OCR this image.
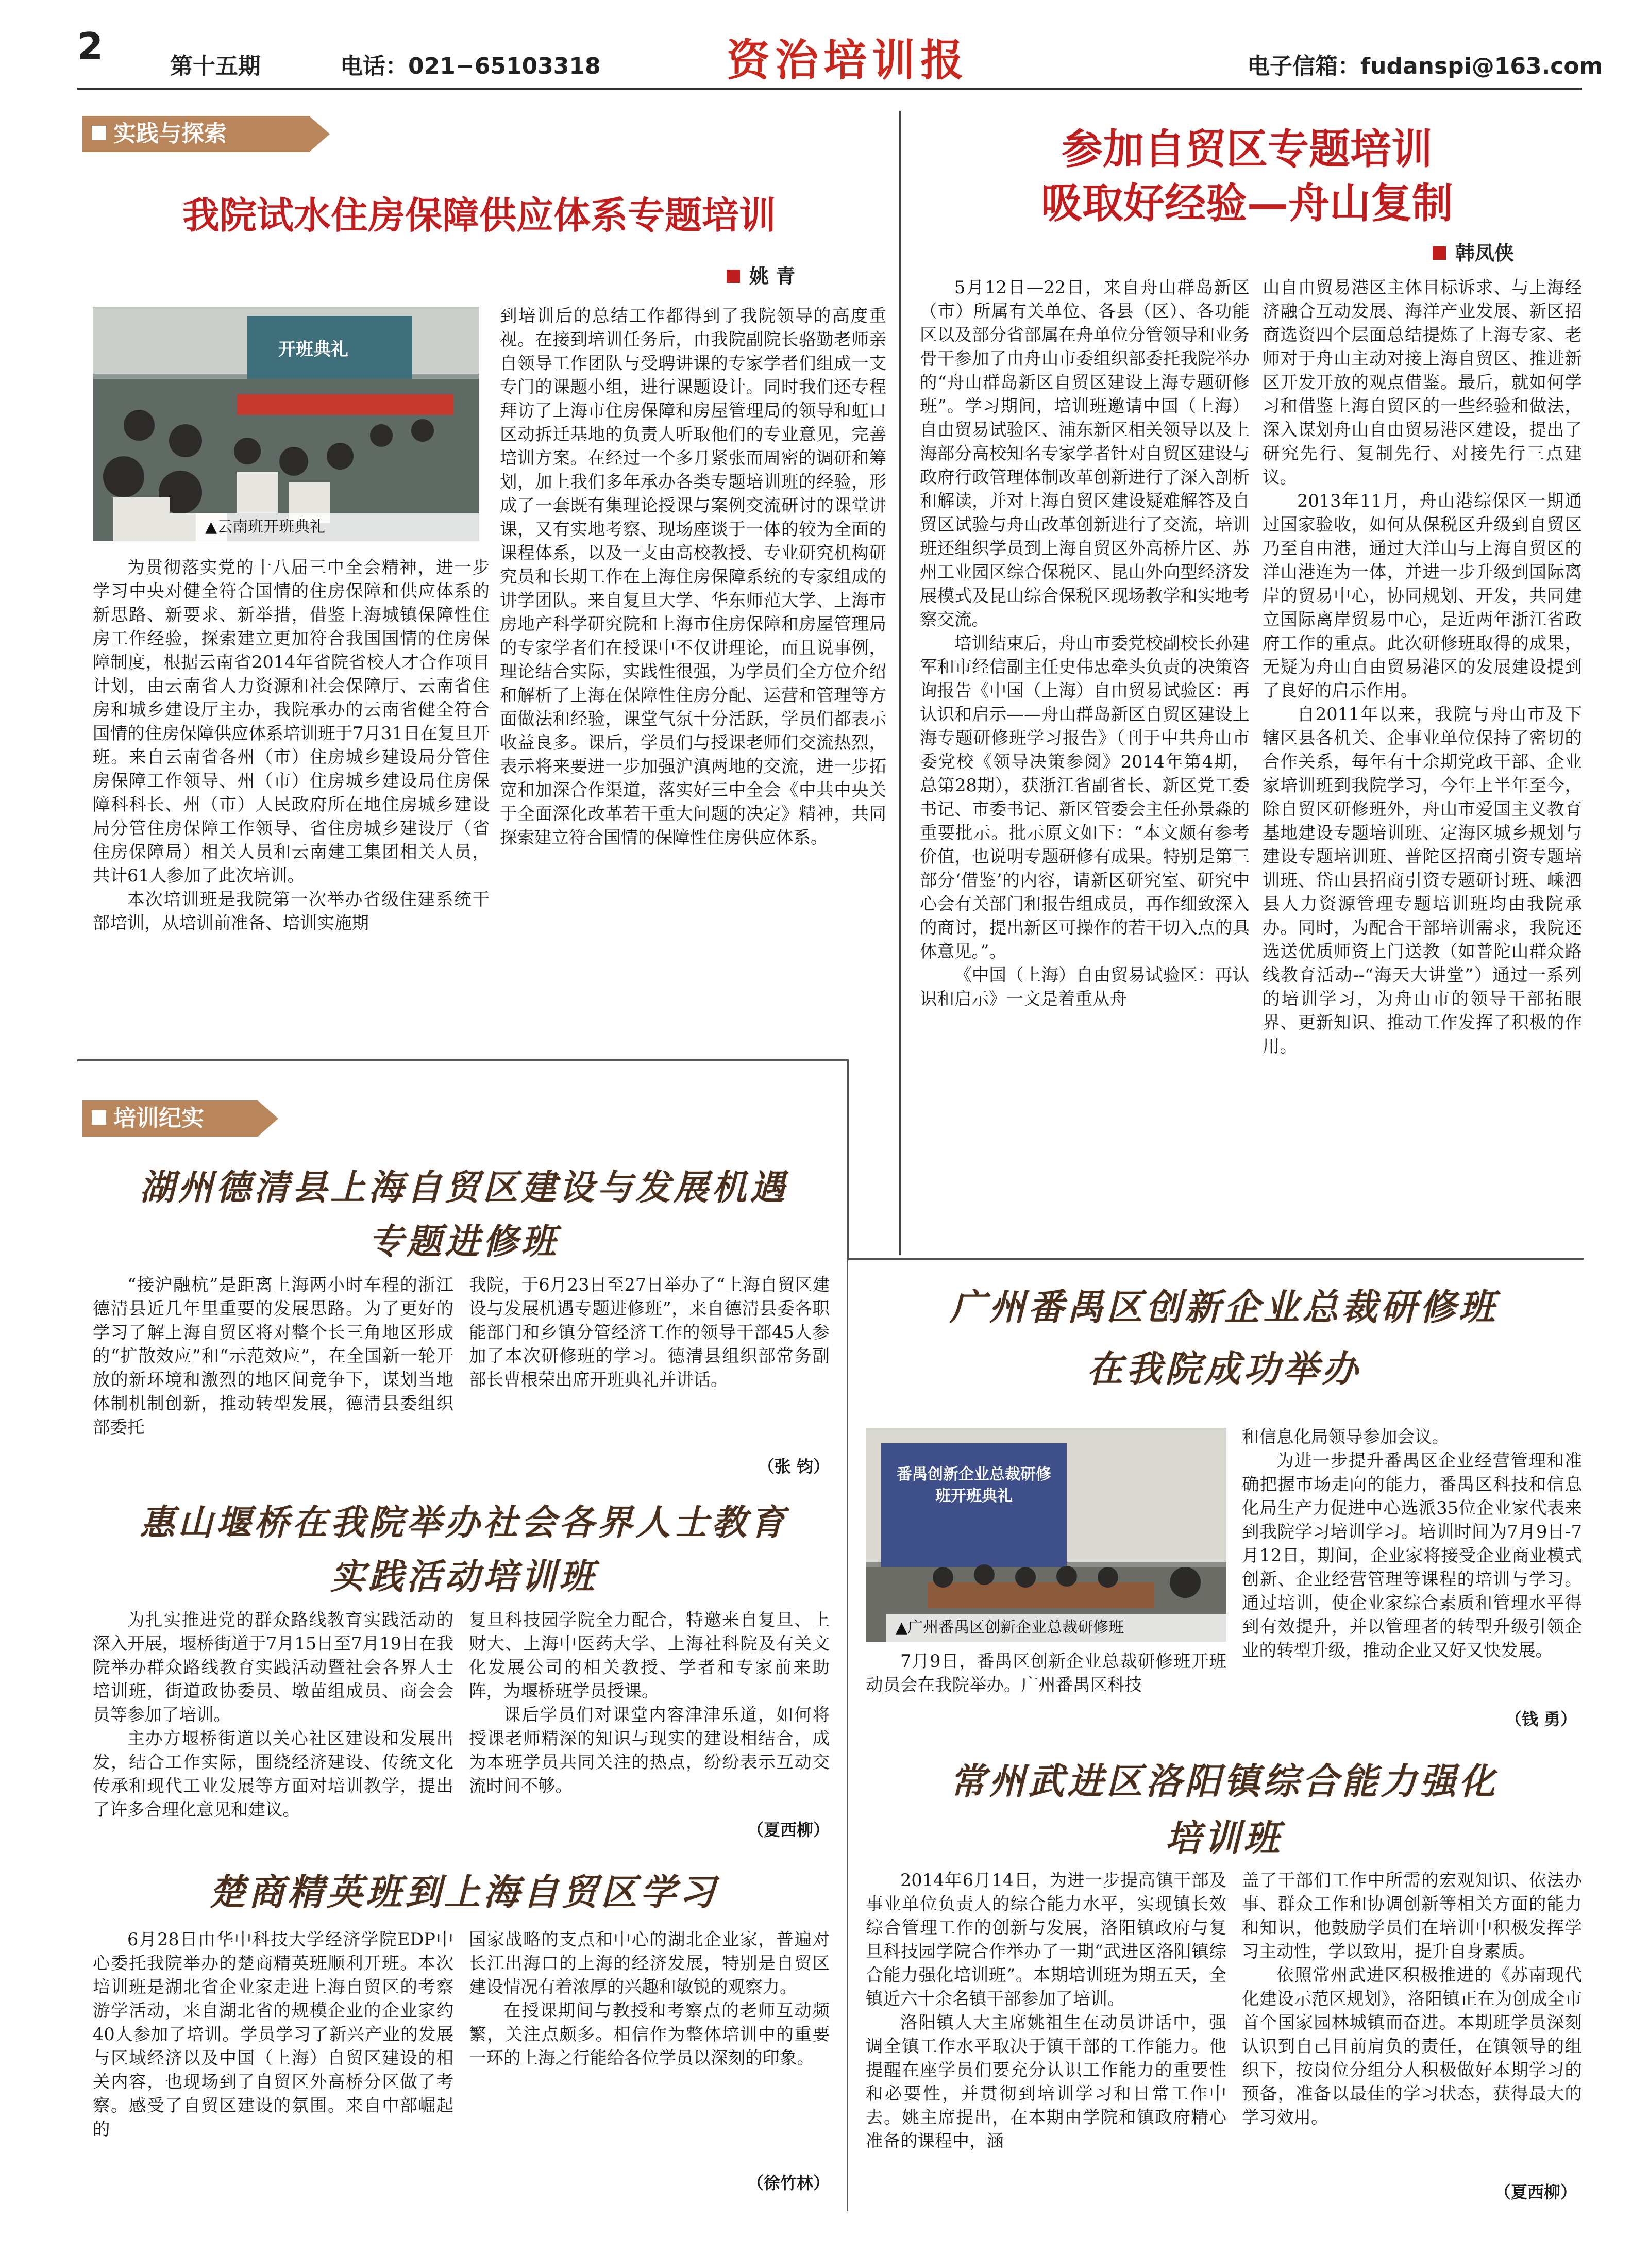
2	第十五期	电话：021−65103318	资治培训报	电子信箱：fudanspi@163.com
实践与探索
我院试水住房保障供应体系专题培训
姚 青
开班典礼
▲云南班开班典礼

为贯彻落实党的十八届三中全会精神，进一步学习中央对健全符合国情的住房保障和供应体系的新思路、新要求、新举措，借鉴上海城镇保障性住房工作经验，探索建立更加符合我国国情的住房保障制度，根据云南省2014年省院省校人才合作项目计划，由云南省人力资源和社会保障厅、云南省住房和城乡建设厅主办，我院承办的云南省健全符合国情的住房保障供应体系培训班于7月31日在复旦开班。来自云南省各州（市）住房城乡建设局分管住房保障工作领导、州（市）住房城乡建设局住房保障科科长、州（市）人民政府所在地住房城乡建设局分管住房保障工作领导、省住房城乡建设厅（省住房保障局）相关人员和云南建工集团相关人员，共计61人参加了此次培训。

本次培训班是我院第一次举办省级住建系统干部培训，从培训前准备、培训实施期

到培训后的总结工作都得到了我院领导的高度重视。在接到培训任务后，由我院副院长骆勤老师亲自领导工作团队与受聘讲课的专家学者们组成一支专门的课题小组，进行课题设计。同时我们还专程拜访了上海市住房保障和房屋管理局的领导和虹口区动拆迁基地的负责人听取他们的专业意见，完善培训方案。在经过一个多月紧张而周密的调研和筹划，加上我们多年承办各类专题培训班的经验，形成了一套既有集理论授课与案例交流研讨的课堂讲课，又有实地考察、现场座谈于一体的较为全面的课程体系，以及一支由高校教授、专业研究机构研究员和长期工作在上海住房保障系统的专家组成的讲学团队。来自复旦大学、华东师范大学、上海市房地产科学研究院和上海市住房保障和房屋管理局的专家学者们在授课中不仅讲理论，而且说事例，理论结合实际，实践性很强，为学员们全方位介绍和解析了上海在保障性住房分配、运营和管理等方面做法和经验，课堂气氛十分活跃，学员们都表示收益良多。课后，学员们与授课老师们交流热烈，表示将来要进一步加强沪滇两地的交流，进一步拓宽和加深合作渠道，落实好三中全会《中共中央关于全面深化改革若干重大问题的决定》精神，共同探索建立符合国情的保障性住房供应体系。

参加自贸区专题培训
吸取好经验—舟山复制
韩凤侠

5月12日—22日，来自舟山群岛新区（市）所属有关单位、各县（区）、各功能区以及部分省部属在舟单位分管领导和业务骨干参加了由舟山市委组织部委托我院举办的“舟山群岛新区自贸区建设上海专题研修班”。学习期间，培训班邀请中国（上海）自由贸易试验区、浦东新区相关领导以及上海部分高校知名专家学者针对自贸区建设与政府行政管理体制改革创新进行了深入剖析和解读，并对上海自贸区建设疑难解答及自贸区试验与舟山改革创新进行了交流，培训班还组织学员到上海自贸区外高桥片区、苏州工业园区综合保税区、昆山外向型经济发展模式及昆山综合保税区现场教学和实地考察交流。

培训结束后，舟山市委党校副校长孙建军和市经信副主任史伟忠牵头负责的决策咨询报告《中国（上海）自由贸易试验区：再认识和启示——舟山群岛新区自贸区建设上海专题研修班学习报告》（刊于中共舟山市委党校《领导决策参阅》2014年第4期，总第28期），获浙江省副省长、新区党工委书记、市委书记、新区管委会主任孙景淼的重要批示。批示原文如下：“本文颇有参考价值，也说明专题研修有成果。特别是第三部分‘借鉴’的内容，请新区研究室、研究中心会有关部门和报告组成员，再作细致深入的商讨，提出新区可操作的若干切入点的具体意见。”。

《中国（上海）自由贸易试验区：再认识和启示》一文是着重从舟

山自由贸易港区主体目标诉求、与上海经济融合互动发展、海洋产业发展、新区招商选资四个层面总结提炼了上海专家、老师对于舟山主动对接上海自贸区、推进新区开发开放的观点借鉴。最后，就如何学习和借鉴上海自贸区的一些经验和做法，深入谋划舟山自由贸易港区建设，提出了研究先行、复制先行、对接先行三点建议。

2013年11月，舟山港综保区一期通过国家验收，如何从保税区升级到自贸区乃至自由港，通过大洋山与上海自贸区的洋山港连为一体，并进一步升级到国际离岸的贸易中心，协同规划、开发，共同建立国际离岸贸易中心，是近两年浙江省政府工作的重点。此次研修班取得的成果，无疑为舟山自由贸易港区的发展建设提到了良好的启示作用。

自2011年以来，我院与舟山市及下辖区县各机关、企事业单位保持了密切的合作关系，每年有十余期党政干部、企业家培训班到我院学习，今年上半年至今，除自贸区研修班外，舟山市爱国主义教育基地建设专题培训班、定海区城乡规划与建设专题培训班、普陀区招商引资专题培训班、岱山县招商引资专题研讨班、嵊泗县人力资源管理专题培训班均由我院承办。同时，为配合干部培训需求，我院还选送优质师资上门送教（如普陀山群众路线教育活动--“海天大讲堂”）通过一系列的培训学习，为舟山市的领导干部拓眼界、更新知识、推动工作发挥了积极的作用。

培训纪实
湖州德清县上海自贸区建设与发展机遇
专题进修班

“接沪融杭”是距离上海两小时车程的浙江德清县近几年里重要的发展思路。为了更好的学习了解上海自贸区将对整个长三角地区形成的“扩散效应”和“示范效应”，在全国新一轮开放的新环境和激烈的地区间竞争下，谋划当地体制机制创新，推动转型发展，德清县委组织部委托

我院，于6月23日至27日举办了“上海自贸区建设与发展机遇专题进修班”，来自德清县委各职能部门和乡镇分管经济工作的领导干部45人参加了本次研修班的学习。德清县组织部常务副部长曹根荣出席开班典礼并讲话。

（张 钧）
惠山堰桥在我院举办社会各界人士教育
实践活动培训班

为扎实推进党的群众路线教育实践活动的深入开展，堰桥街道于7月15日至7月19日在我院举办群众路线教育实践活动暨社会各界人士培训班，街道政协委员、墩苗组成员、商会会员等参加了培训。

主办方堰桥街道以关心社区建设和发展出发，结合工作实际，围绕经济建设、传统文化传承和现代工业发展等方面对培训教学，提出了许多合理化意见和建议。

复旦科技园学院全力配合，特邀来自复旦、上财大、上海中医药大学、上海社科院及有关文化发展公司的相关教授、学者和专家前来助阵，为堰桥班学员授课。

课后学员们对课堂内容津津乐道，如何将授课老师精深的知识与现实的建设相结合，成为本班学员共同关注的热点，纷纷表示互动交流时间不够。

（夏西柳）
楚商精英班到上海自贸区学习

6月28日由华中科技大学经济学院EDP中心委托我院举办的楚商精英班顺利开班。本次培训班是湖北省企业家走进上海自贸区的考察游学活动，来自湖北省的规模企业的企业家约40人参加了培训。学员学习了新兴产业的发展与区域经济以及中国（上海）自贸区建设的相关内容，也现场到了自贸区外高桥分区做了考察。感受了自贸区建设的氛围。来自中部崛起的

国家战略的支点和中心的湖北企业家，普遍对长江出海口的上海的经济发展，特别是自贸区建设情况有着浓厚的兴趣和敏锐的观察力。

在授课期间与教授和考察点的老师互动频繁，关注点颇多。相信作为整体培训中的重要一环的上海之行能给各位学员以深刻的印象。

（徐竹林）
广州番禺区创新企业总裁研修班
在我院成功举办
番禺创新企业总裁研修班开班典礼
▲广州番禺区创新企业总裁研修班

7月9日，番禺区创新企业总裁研修班开班动员会在我院举办。广州番禺区科技

和信息化局领导参加会议。

为进一步提升番禺区企业经营管理和准确把握市场走向的能力，番禺区科技和信息化局生产力促进中心选派35位企业家代表来到我院学习培训学习。培训时间为7月9日-7月12日，期间，企业家将接受企业商业模式创新、企业经营管理等课程的培训与学习。通过培训，使企业家综合素质和管理水平得到有效提升，并以管理者的转型升级引领企业的转型升级，推动企业又好又快发展。

（钱 勇）
常州武进区洛阳镇综合能力强化
培训班

2014年6月14日，为进一步提高镇干部及事业单位负责人的综合能力水平，实现镇长效综合管理工作的创新与发展，洛阳镇政府与复旦科技园学院合作举办了一期“武进区洛阳镇综合能力强化培训班”。本期培训班为期五天，全镇近六十余名镇干部参加了培训。

洛阳镇人大主席姚祖生在动员讲话中，强调全镇工作水平取决于镇干部的工作能力。他提醒在座学员们要充分认识工作能力的重要性和必要性，并贯彻到培训学习和日常工作中去。姚主席提出，在本期由学院和镇政府精心准备的课程中，涵

盖了干部们工作中所需的宏观知识、依法办事、群众工作和协调创新等相关方面的能力和知识，他鼓励学员们在培训中积极发挥学习主动性，学以致用，提升自身素质。

依照常州武进区积极推进的《苏南现代化建设示范区规划》，洛阳镇正在为创成全市首个国家园林城镇而奋进。本期班学员深刻认识到自己目前肩负的责任，在镇领导的组织下，按岗位分组分人积极做好本期学习的预备，准备以最佳的学习状态，获得最大的学习效用。

（夏西柳）
